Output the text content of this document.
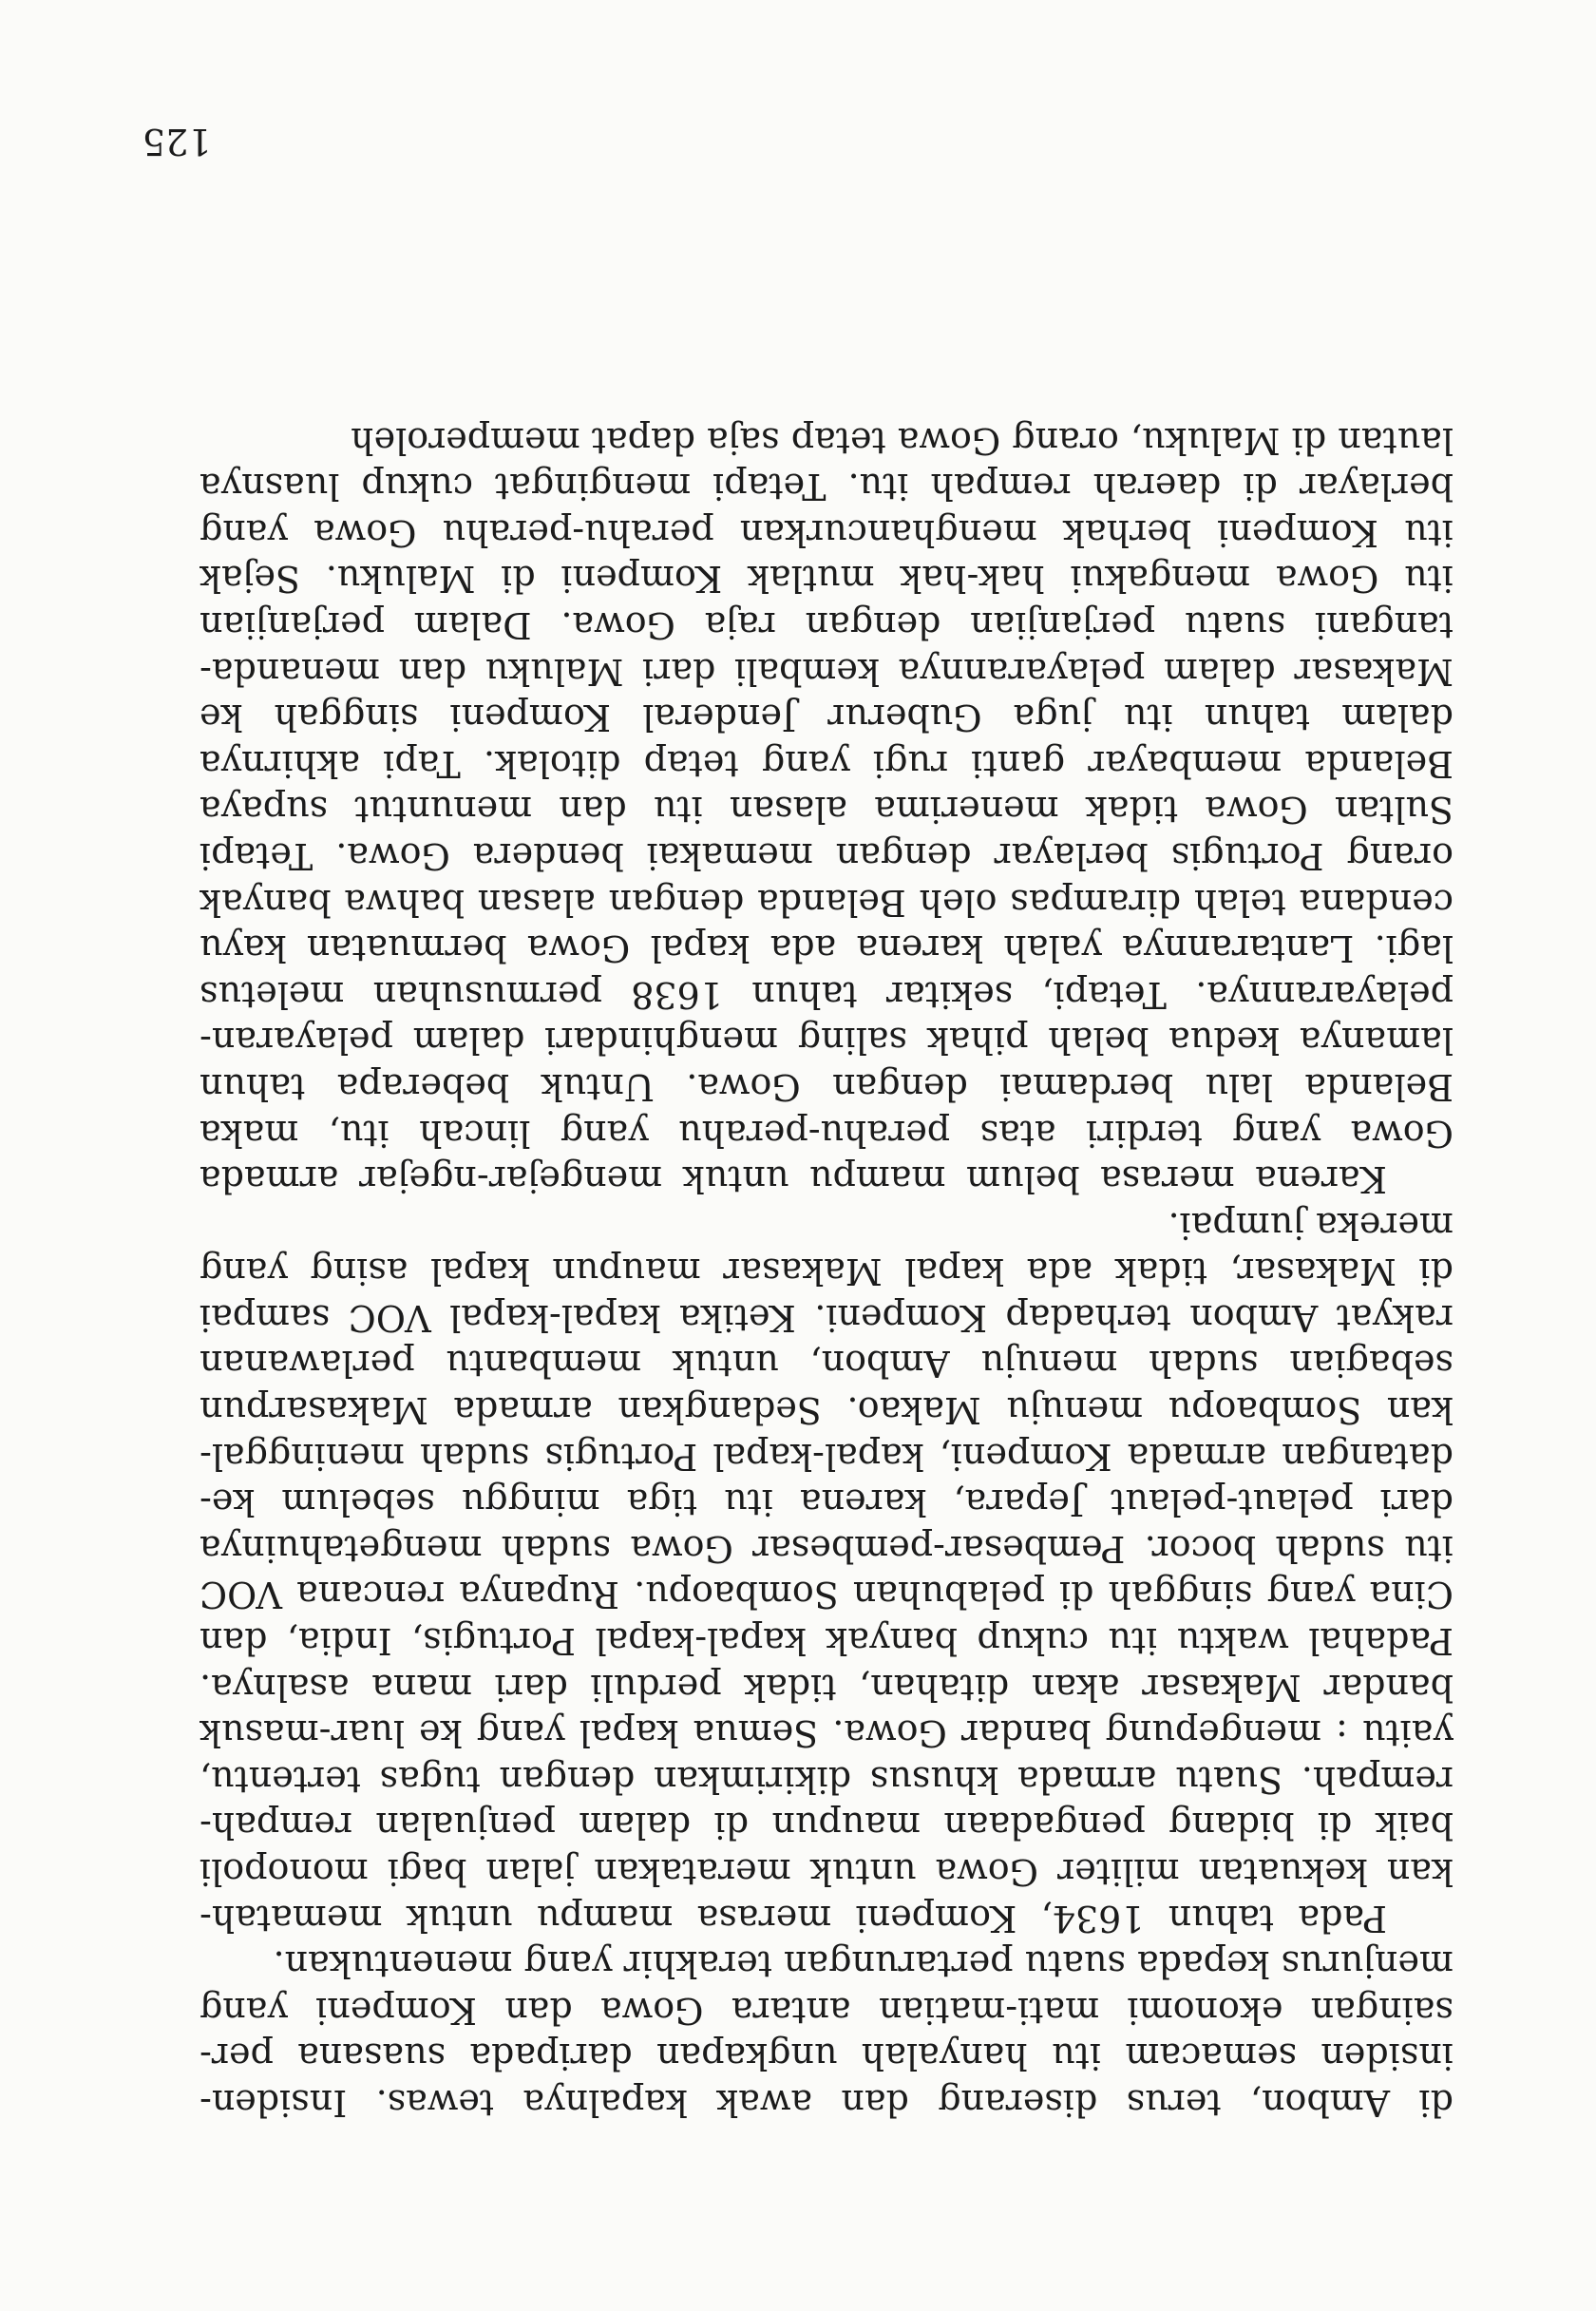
di Ambon, terus diserang dan awak kapalnya tewas. Insiden-
insiden semacam itu hanyalah ungkapan daripada suasana per-
saingan ekonomi mati-matian antara Gowa dan Kompeni yang
menjurus kepada suatu pertarungan terakhir yang menentukan.
Pada tahun 1634, Kompeni merasa mampu untuk mematah-
kan kekuatan militer Gowa untuk meratakan jalan bagi monopoli
baik di bidang pengadaan maupun di dalam penjualan rempah-
rempah. Suatu armada khusus dikirimkan dengan tugas tertentu,
yaitu : mengepung bandar Gowa. Semua kapal yang ke luar-masuk
bandar Makasar akan ditahan, tidak perduli dari mana asalnya.
Padahal waktu itu cukup banyak kapal-kapal Portugis, India, dan
Cina yang singgah di pelabuhan Sombaopu. Rupanya rencana VOC
itu sudah bocor. Pembesar-pembesar Gowa sudah mengetahuinya
dari pelaut-pelaut Jepara, karena itu tiga minggu sebelum ke-
datangan armada Kompeni, kapal-kapal Portugis sudah meninggal-
kan Sombaopu menuju Makao. Sedangkan armada Makasarpun
sebagian sudah menuju Ambon, untuk membantu perlawanan
rakyat Ambon terhadap Kompeni. Ketika kapal-kapal VOC sampai
di Makasar, tidak ada kapal Makasar maupun kapal asing yang
mereka jumpai.
Karena merasa belum mampu untuk mengejar-ngejar armada
Gowa yang terdiri atas perahu-perahu yang lincah itu, maka
Belanda lalu berdamai dengan Gowa. Untuk beberapa tahun
lamanya kedua belah pihak saling menghindari dalam pelayaran-
pelayarannya. Tetapi, sekitar tahun 1638 permusuhan meletus
lagi. Lantarannya yalah karena ada kapal Gowa bermuatan kayu
cendana telah dirampas oleh Belanda dengan alasan bahwa banyak
orang Portugis berlayar dengan memakai bendera Gowa. Tetapi
Sultan Gowa tidak menerima alasan itu dan menuntut supaya
Belanda membayar ganti rugi yang tetap ditolak. Tapi akhirnya
dalam tahun itu juga Guberur Jenderal Kompeni singgah ke
Makasar dalam pelayarannya kembali dari Maluku dan menanda-
tangani suatu perjanjian dengan raja Gowa. Dalam perjanjian
itu Gowa mengakui hak-hak mutlak Kompeni di Maluku. Sejak
itu Kompeni berhak menghancurkan perahu-perahu Gowa yang
berlayar di daerah rempah itu. Tetapi mengingat cukup luasnya
lautan di Maluku, orang Gowa tetap saja dapat memperoleh
125
